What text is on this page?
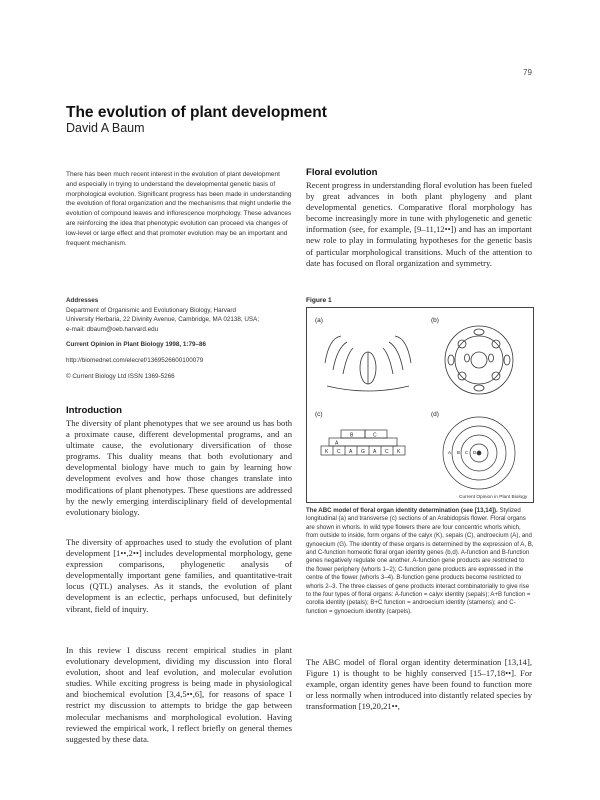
79
The evolution of plant development
David A Baum

There has been much recent interest in the evolution of plant development and especially in trying to understand the developmental genetic basis of morphological evolution. Significant progress has been made in understanding the evolution of floral organization and the mechanisms that might underlie the evolution of compound leaves and inflorescence morphology. These advances are reinforcing the idea that phenotypic evolution can proceed via changes of low-level or large effect and that promoter evolution may be an important and frequent mechanism.

Addresses
Department of Organismic and Evolutionary Biology, Harvard
University Herbaria, 22 Divinity Avenue, Cambridge, MA 02138, USA;
e-mail: dbaum@oeb.harvard.edu
Current Opinion in Plant Biology 1998, 1:79–86
http://biomednet.com/elecref/1369526600100079
© Current Biology Ltd ISSN 1369-5266
Introduction

The diversity of plant phenotypes that we see around us has both a proximate cause, different developmental programs, and an ultimate cause, the evolutionary diversification of those programs. This duality means that both evolutionary and developmental biology have much to gain by learning how development evolves and how those changes translate into modifications of plant phenotypes. These questions are addressed by the newly emerging interdisciplinary field of developmental evolutionary biology.

The diversity of approaches used to study the evolution of plant development [1••,2••] includes developmental morphology, gene expression comparisons, phylogenetic analysis of developmentally important gene families, and quantitative-trait locus (QTL) analyses. As it stands, the evolution of plant development is an eclectic, perhaps unfocused, but definitely vibrant, field of inquiry.

In this review I discuss recent empirical studies in plant evolutionary development, dividing my discussion into floral evolution, shoot and leaf evolution, and molecular evolution studies. While exciting progress is being made in physiological and biochemical evolution [3,4,5••,6], for reasons of space I restrict my discussion to attempts to bridge the gap between molecular mechanisms and morphological evolution. Having reviewed the empirical work, I reflect briefly on general themes suggested by these data.

Floral evolution

Recent progress in understanding floral evolution has been fueled by great advances in both plant phylogeny and plant developmental genetics. Comparative floral morphology has become increasingly more in tune with phylogenetic and genetic information (see, for example, [9–11,12••]) and has an important new role to play in formulating hypotheses for the genetic basis of particular morphological transitions. Much of the attention to date has focused on floral organization and symmetry.

Figure 1
(a)	(b)
(c)
B	C
A
K C A G A C K
(d)
A B C D
Current Opinion in Plant Biology
The ABC model of floral organ identity determination (see [13,14]). Stylized longitudinal (a) and transverse (c) sections of an Arabidopsis flower. Floral organs are shown in whorls. In wild type flowers there are four concentric whorls which, from outside to inside, form organs of the calyx (K), sepals (C), androecium (A), and gynoecium (G). The identity of these organs is determined by the expression of A, B, and C-function homeotic floral organ identity genes (b,d). A-function and B-function genes negatively regulate one another. A-function gene products are restricted to the flower periphery (whorls 1–2); C-function gene products are expressed in the centre of the flower (whorls 3–4). B-function gene products become restricted to whorls 2–3. The three classes of gene products interact combinatorially to give rise to the four types of floral organs: A-function = calyx identity (sepals); A+B function = corolla identity (petals); B+C function = androecium identity (stamens); and C-function = gynoecium identity (carpels).

The ABC model of floral organ identity determination [13,14], Figure 1) is thought to be highly conserved [15–17,18••]. For example, organ identity genes have been found to function more or less normally when introduced into distantly related species by transformation [19,20,21••,
